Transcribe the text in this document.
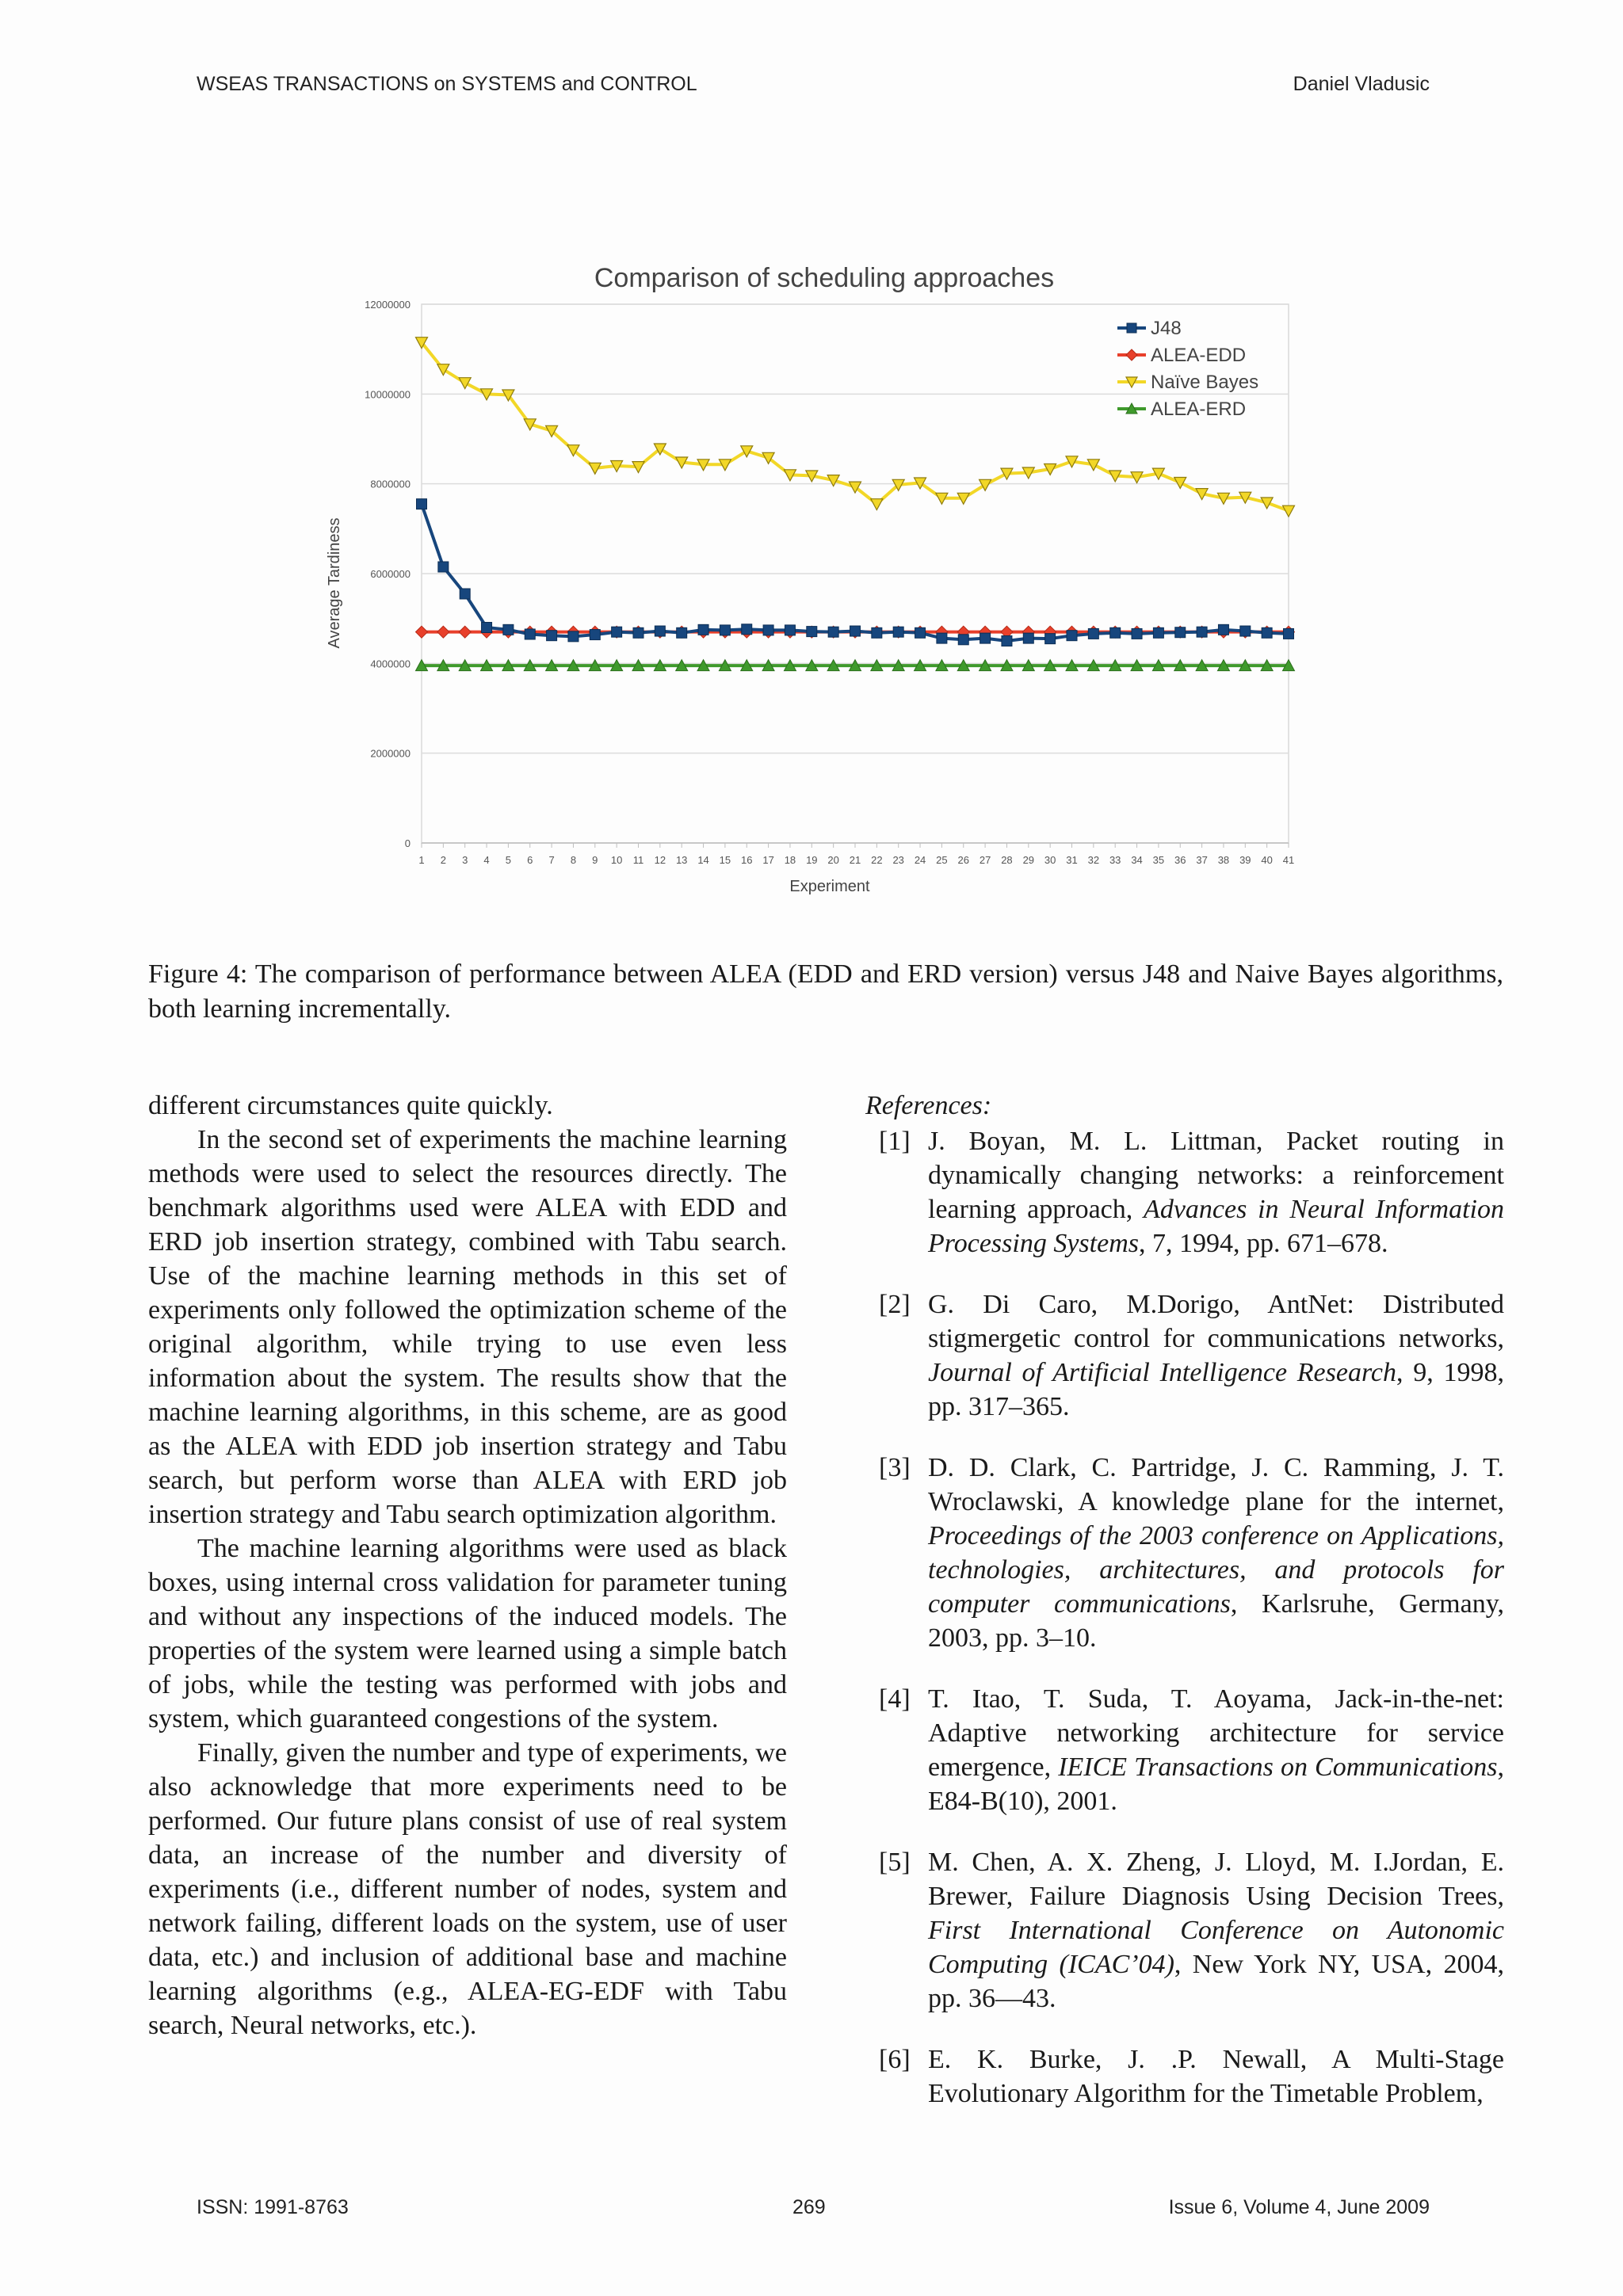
WSEAS TRANSACTIONS on SYSTEMS and CONTROL	Daniel Vladusic
Comparison of scheduling approaches
0
2000000
4000000
6000000
8000000
10000000
12000000
1 2 3 4 5 6 7 8 9 10 11 12 13 14 15 16 17 18 19 20 21 22 23 24 25 26 27 28 29 30 31 32 33 34 35 36 37 38 39 40 41
Experiment
Average Tardiness
J48
ALEA-EDD
Naïve Bayes
ALEA-ERD
Figure 4: The comparison of performance between ALEA (EDD and ERD version) versus J48 and Naive Bayes algorithms, both learning incrementally.

different circumstances quite quickly.

In the second set of experiments the machine learning methods were used to select the resources directly. The benchmark algorithms used were ALEA with EDD and ERD job insertion strategy, combined with Tabu search. Use of the machine learning methods in this set of experiments only followed the optimization scheme of the original algorithm, while trying to use even less information about the system. The results show that the machine learning algorithms, in this scheme, are as good as the ALEA with EDD job insertion strategy and Tabu search, but perform worse than ALEA with ERD job insertion strategy and Tabu search optimization algorithm.

The machine learning algorithms were used as black boxes, using internal cross validation for parameter tuning and without any inspections of the induced models. The properties of the system were learned using a simple batch of jobs, while the testing was performed with jobs and system, which guaranteed congestions of the system.

Finally, given the number and type of experiments, we also acknowledge that more experiments need to be performed. Our future plans consist of use of real system data, an increase of the number and diversity of experiments (i.e., different number of nodes, system and network failing, different loads on the system, use of user data, etc.) and inclusion of additional base and machine learning algorithms (e.g., ALEA-EG-EDF with Tabu search, Neural networks, etc.).

References:
[1] J. Boyan, M. L. Littman, Packet routing in dynamically changing networks: a reinforcement learning approach, Advances in Neural Information Processing Systems, 7, 1994, pp. 671–678.
[2] G. Di Caro, M.Dorigo, AntNet: Distributed stigmergetic control for communications networks, Journal of Artificial Intelligence Research, 9, 1998, pp. 317–365.
[3] D. D. Clark, C. Partridge, J. C. Ramming, J. T. Wroclawski, A knowledge plane for the internet, Proceedings of the 2003 conference on Applications, technologies, architectures, and protocols for computer communications, Karlsruhe, Germany, 2003, pp. 3–10.
[4] T. Itao, T. Suda, T. Aoyama, Jack-in-the-net: Adaptive networking architecture for service emergence, IEICE Transactions on Communications, E84-B(10), 2001.
[5] M. Chen, A. X. Zheng, J. Lloyd, M. I.Jordan, E. Brewer, Failure Diagnosis Using Decision Trees, First International Conference on Autonomic Computing (ICAC’04), New York NY, USA, 2004, pp. 36—43.
[6] E. K. Burke, J. .P. Newall, A Multi-Stage Evolutionary Algorithm for the Timetable Problem,
ISSN: 1991-8763	269	Issue 6, Volume 4, June 2009
